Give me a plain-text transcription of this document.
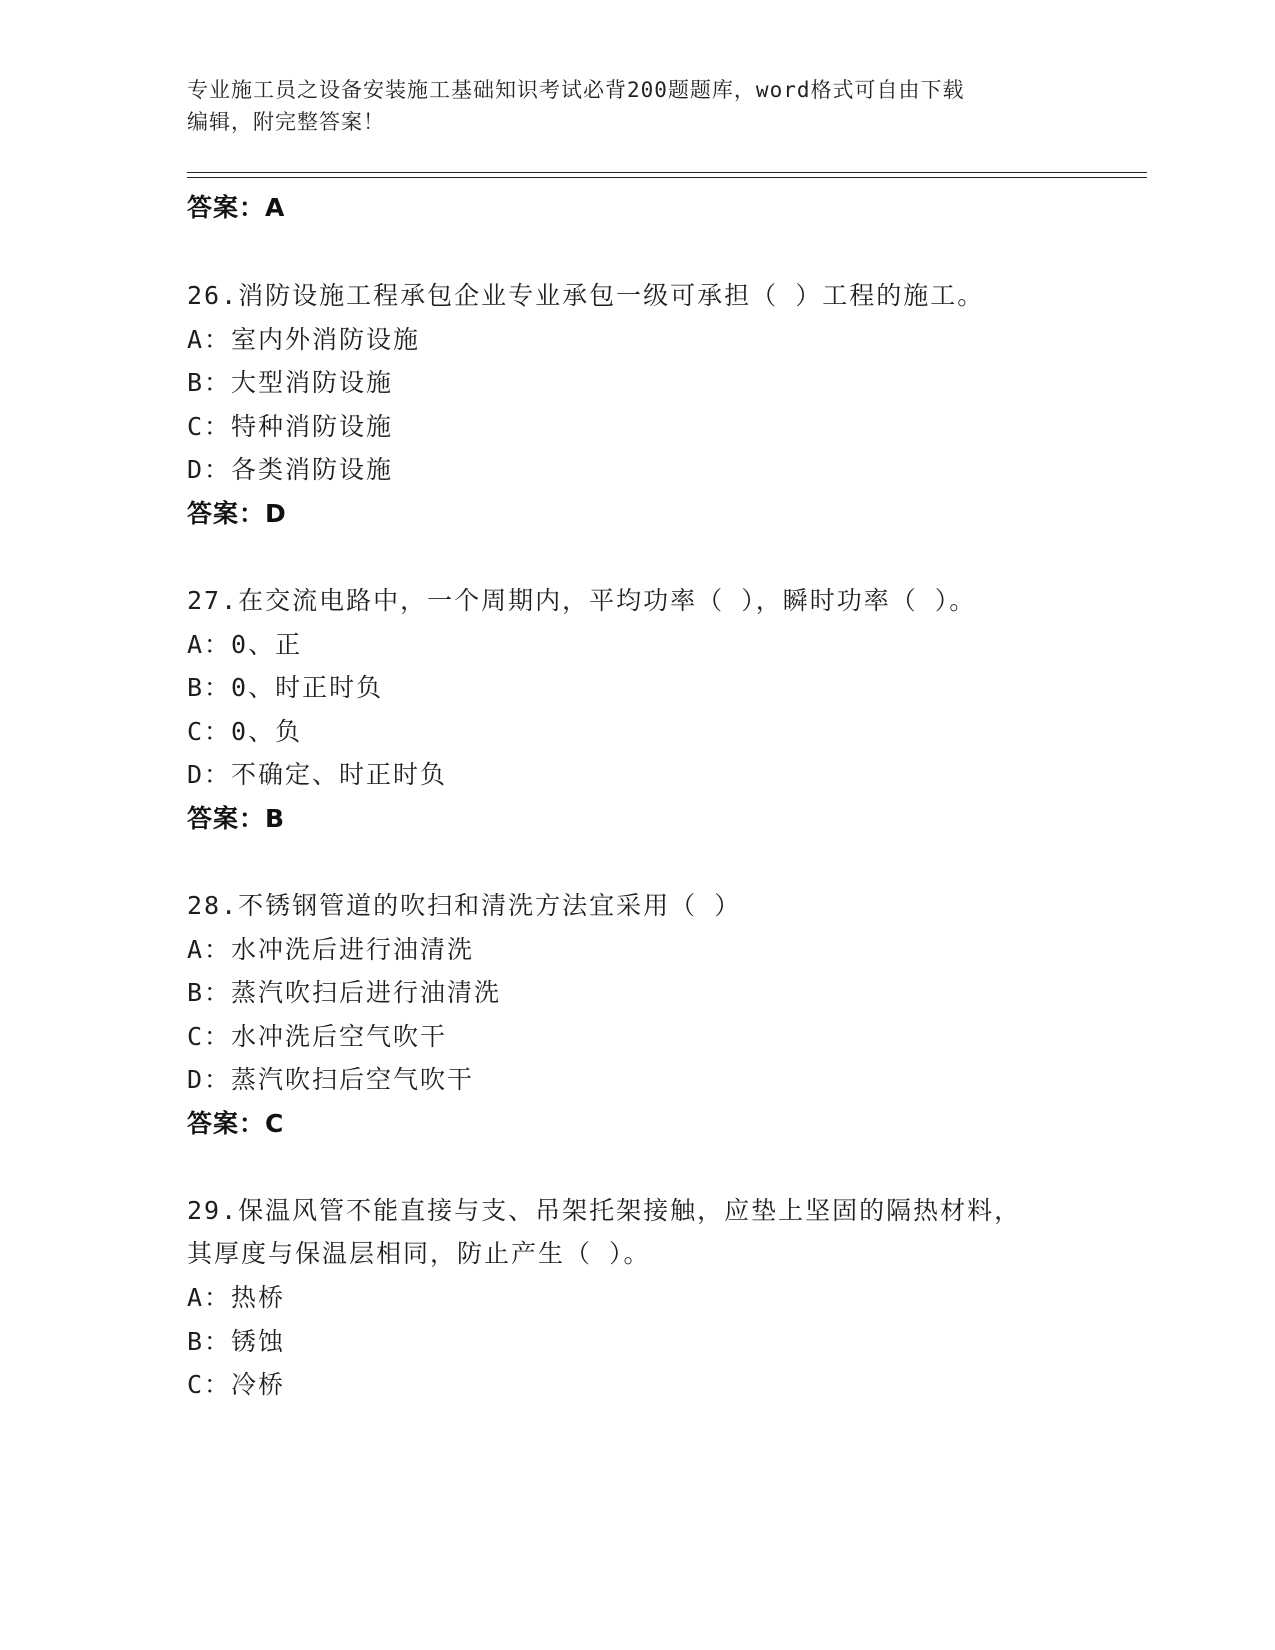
专业施工员之设备安装施工基础知识考试必背200题题库，word格式可自由下载
编辑，附完整答案！
答案：A
26.消防设施工程承包企业专业承包一级可承担（ ）工程的施工。
A：室内外消防设施
B：大型消防设施
C：特种消防设施
D：各类消防设施
答案：D
27.在交流电路中，一个周期内，平均功率（ ），瞬时功率（ ）。
A：0、正
B：0、时正时负
C：0、负
D：不确定、时正时负
答案：B
28.不锈钢管道的吹扫和清洗方法宜采用（ ）
A：水冲洗后进行油清洗
B：蒸汽吹扫后进行油清洗
C：水冲洗后空气吹干
D：蒸汽吹扫后空气吹干
答案：C
29.保温风管不能直接与支、吊架托架接触，应垫上坚固的隔热材料，
其厚度与保温层相同，防止产生（ ）。
A：热桥
B：锈蚀
C：冷桥
